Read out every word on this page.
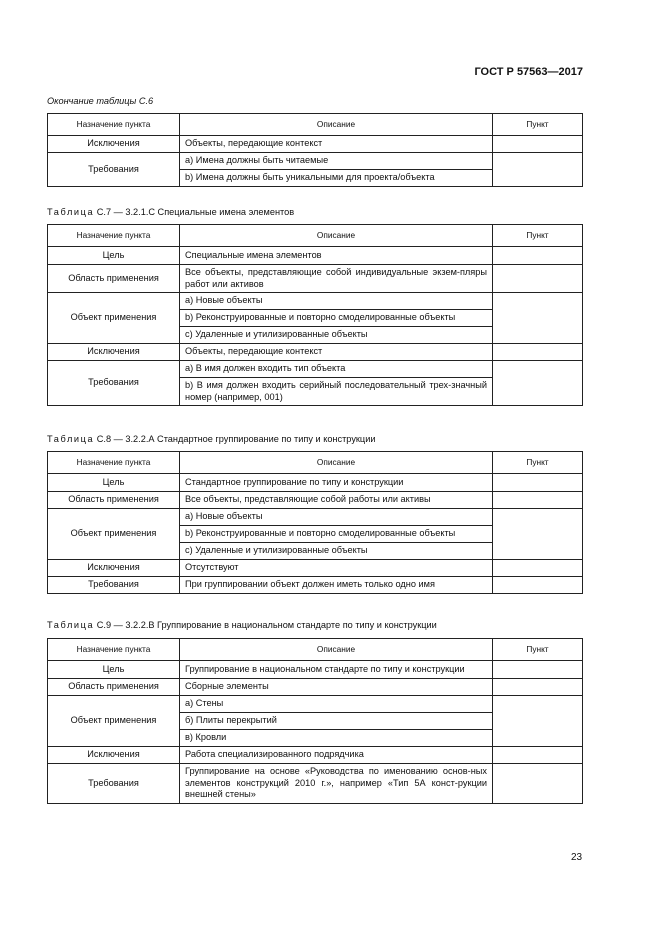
ГОСТ Р 57563—2017
Окончание таблицы С.6
Назначение пункта	Описание	Пункт
Исключения	Объекты, передающие контекст	
Требования	a) Имена должны быть читаемые	
	b) Имена должны быть уникальными для проекта/объекта	
Таблица С.7 — 3.2.1.С Специальные имена элементов
Назначение пункта	Описание	Пункт
Цель	Специальные имена элементов	
Область применения	Все объекты, представляющие собой индивидуальные экзем-пляры работ или активов	
Объект применения	a) Новые объекты	
	b) Реконструированные и повторно смоделированные объекты	
	c) Удаленные и утилизированные объекты	
Исключения	Объекты, передающие контекст	
Требования	a) В имя должен входить тип объекта	
	b) В имя должен входить серийный последовательный трех-значный номер (например, 001)	
Таблица С.8 — 3.2.2.А Стандартное группирование по типу и конструкции
Назначение пункта	Описание	Пункт
Цель	Стандартное группирование по типу и конструкции	
Область применения	Все объекты, представляющие собой работы или активы	
Объект применения	a) Новые объекты	
	b) Реконструированные и повторно смоделированные объекты	
	c) Удаленные и утилизированные объекты	
Исключения	Отсутствуют	
Требования	При группировании объект должен иметь только одно имя	
Таблица С.9 — 3.2.2.В Группирование в национальном стандарте по типу и конструкции
Назначение пункта	Описание	Пункт
Цель	Группирование в национальном стандарте по типу и конструкции	
Область применения	Сборные элементы	
Объект применения	а) Стены	
	б) Плиты перекрытий	
	в) Кровли	
Исключения	Работа специализированного подрядчика	
Требования	Группирование на основе «Руководства по именованию основ-ных элементов конструкций 2010 г.», например «Тип 5А конст-рукции внешней стены»	
23
